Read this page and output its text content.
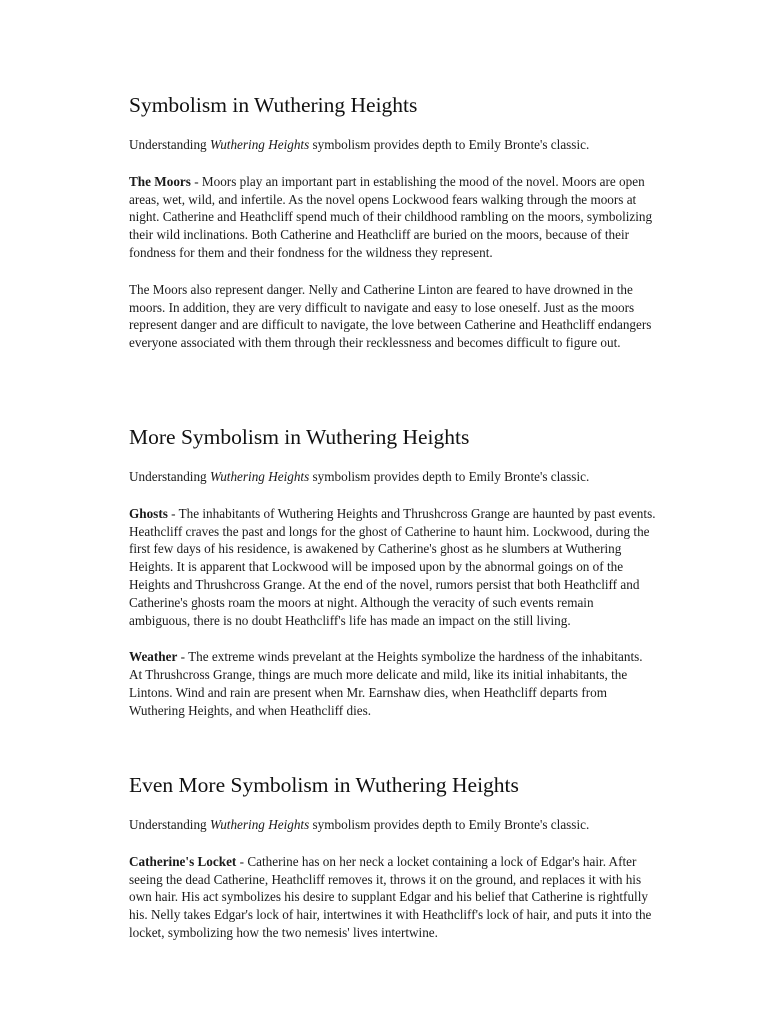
Symbolism in Wuthering Heights

Understanding Wuthering Heights symbolism provides depth to Emily Bronte's classic.

The Moors - Moors play an important part in establishing the mood of the novel. Moors are open areas, wet, wild, and infertile. As the novel opens Lockwood fears walking through the moors at night. Catherine and Heathcliff spend much of their childhood rambling on the moors, symbolizing their wild inclinations. Both Catherine and Heathcliff are buried on the moors, because of their fondness for them and their fondness for the wildness they represent.

The Moors also represent danger. Nelly and Catherine Linton are feared to have drowned in the moors. In addition, they are very difficult to navigate and easy to lose oneself. Just as the moors represent danger and are difficult to navigate, the love between Catherine and Heathcliff endangers everyone associated with them through their recklessness and becomes difficult to figure out.

More Symbolism in Wuthering Heights

Understanding Wuthering Heights symbolism provides depth to Emily Bronte's classic.

Ghosts - The inhabitants of Wuthering Heights and Thrushcross Grange are haunted by past events. Heathcliff craves the past and longs for the ghost of Catherine to haunt him. Lockwood, during the first few days of his residence, is awakened by Catherine's ghost as he slumbers at Wuthering Heights. It is apparent that Lockwood will be imposed upon by the abnormal goings on of the Heights and Thrushcross Grange. At the end of the novel, rumors persist that both Heathcliff and Catherine's ghosts roam the moors at night. Although the veracity of such events remain ambiguous, there is no doubt Heathcliff's life has made an impact on the still living.

Weather - The extreme winds prevelant at the Heights symbolize the hardness of the inhabitants. At Thrushcross Grange, things are much more delicate and mild, like its initial inhabitants, the Lintons. Wind and rain are present when Mr. Earnshaw dies, when Heathcliff departs from Wuthering Heights, and when Heathcliff dies.

Even More Symbolism in Wuthering Heights

Understanding Wuthering Heights symbolism provides depth to Emily Bronte's classic.

Catherine's Locket - Catherine has on her neck a locket containing a lock of Edgar's hair. After seeing the dead Catherine, Heathcliff removes it, throws it on the ground, and replaces it with his own hair. His act symbolizes his desire to supplant Edgar and his belief that Catherine is rightfully his. Nelly takes Edgar's lock of hair, intertwines it with Heathcliff's lock of hair, and puts it into the locket, symbolizing how the two nemesis' lives intertwine.
